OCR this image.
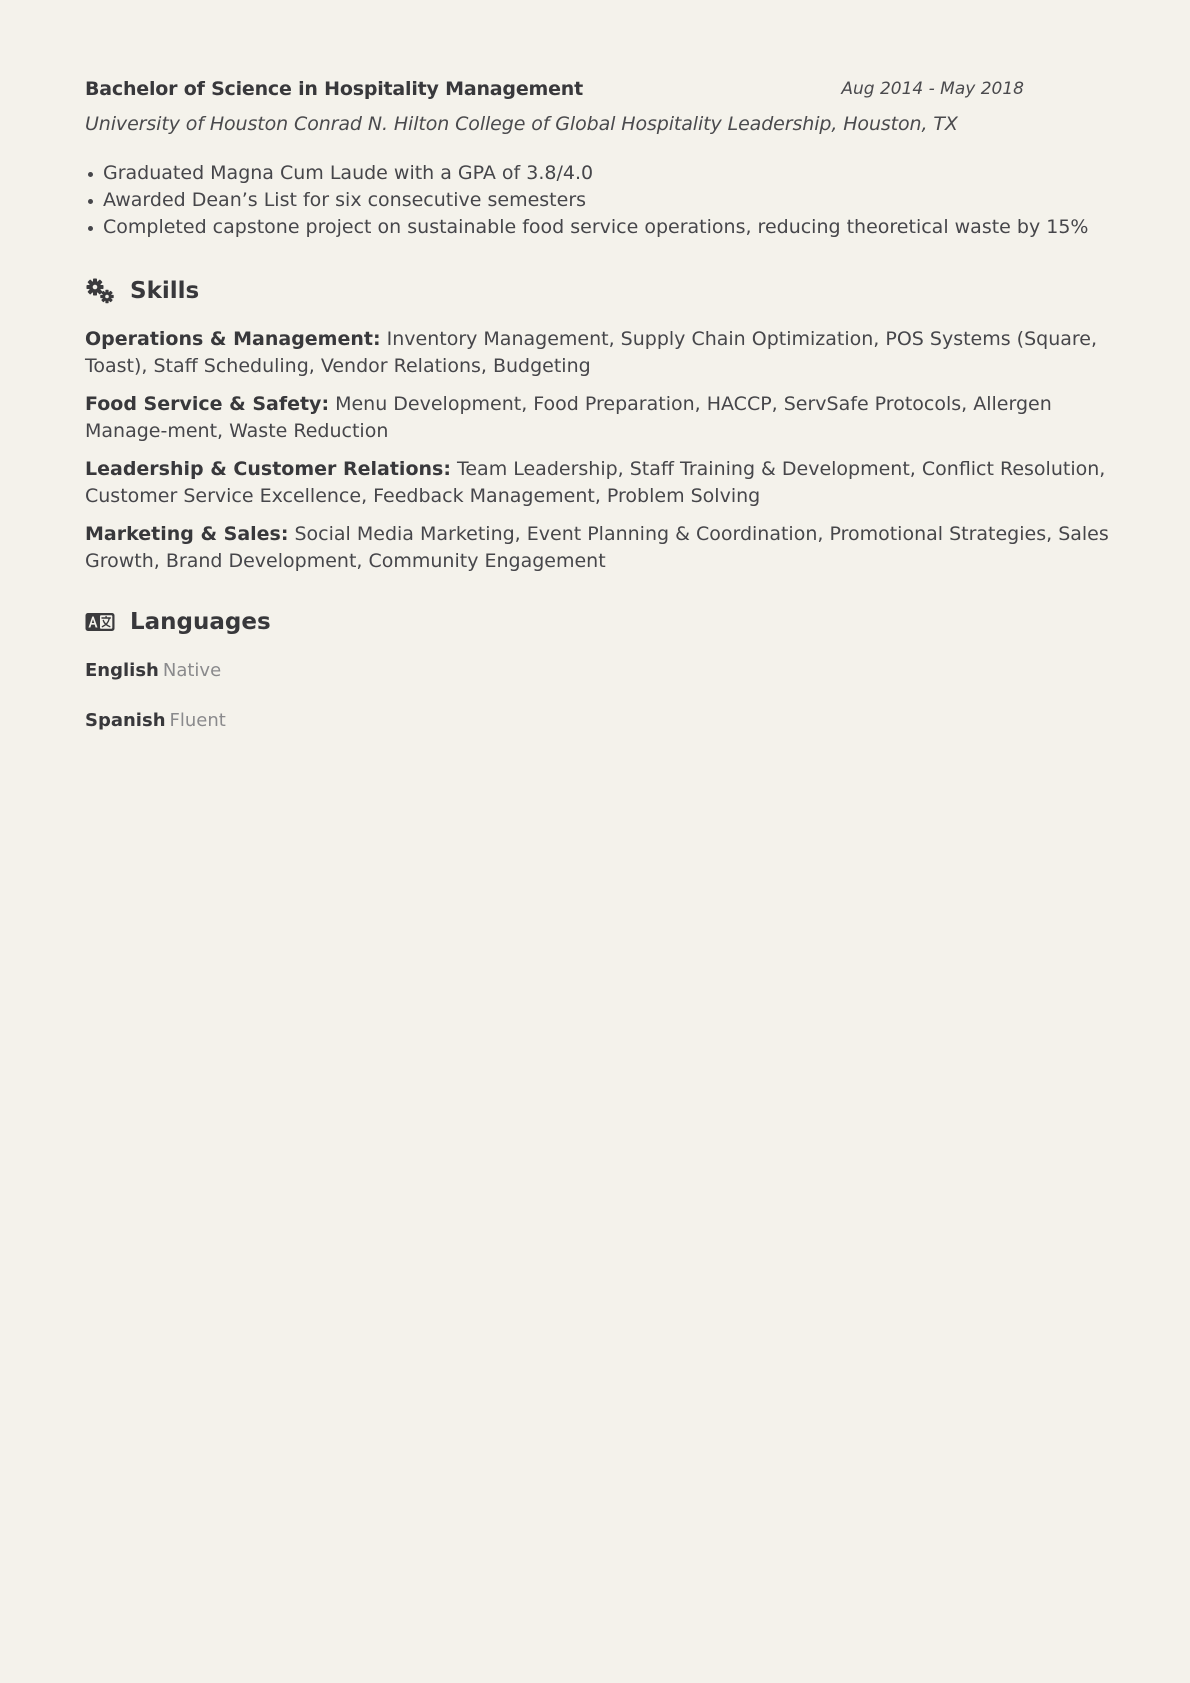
Bachelor of Science in Hospitality Management	Aug 2014 - May 2018
University of Houston Conrad N. Hilton College of Global Hospitality Leadership, Houston, TX
Graduated Magna Cum Laude with a GPA of 3.8/4.0
Awarded Dean’s List for six consecutive semesters
Completed capstone project on sustainable food service operations, reducing theoretical waste by 15%
Skills

Operations & Management: Inventory Management, Supply Chain Optimization, POS Systems (Square, Toast), Staff Scheduling, Vendor Relations, Budgeting

Food Service & Safety: Menu Development, Food Preparation, HACCP, ServSafe Protocols, Allergen Manage-ment, Waste Reduction

Leadership & Customer Relations: Team Leadership, Staff Training & Development, Conflict Resolution, Customer Service Excellence, Feedback Management, Problem Solving

Marketing & Sales: Social Media Marketing, Event Planning & Coordination, Promotional Strategies, Sales Growth, Brand Development, Community Engagement

Languages
English Native
Spanish Fluent
